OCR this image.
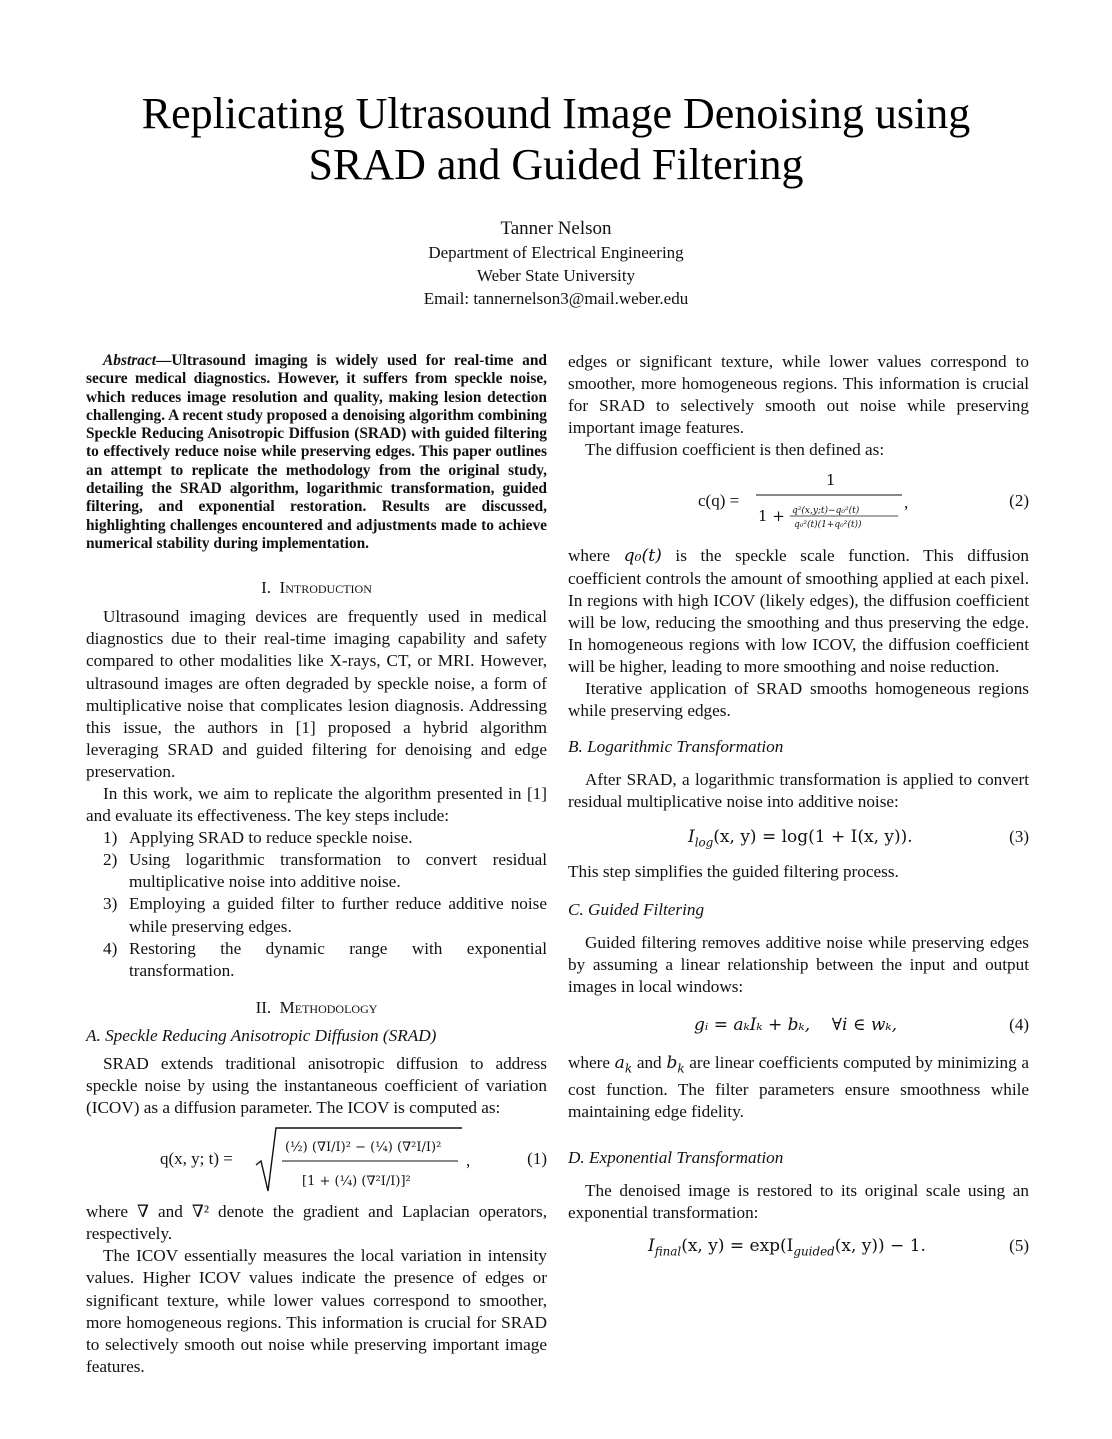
Replicating Ultrasound Image Denoising using
SRAD and Guided Filtering
Tanner Nelson
Department of Electrical Engineering
Weber State University
Email: tannernelson3@mail.weber.edu

Abstract—Ultrasound imaging is widely used for real-time and secure medical diagnostics. However, it suffers from speckle noise, which reduces image resolution and quality, making lesion detection challenging. A recent study proposed a denoising algorithm combining Speckle Reducing Anisotropic Diffusion (SRAD) with guided filtering to effectively reduce noise while preserving edges. This paper outlines an attempt to replicate the methodology from the original study, detailing the SRAD algorithm, logarithmic transformation, guided filtering, and exponential restoration. Results are discussed, highlighting challenges encountered and adjustments made to achieve numerical stability during implementation.

I. Introduction

Ultrasound imaging devices are frequently used in medical diagnostics due to their real-time imaging capability and safety compared to other modalities like X-rays, CT, or MRI. However, ultrasound images are often degraded by speckle noise, a form of multiplicative noise that complicates lesion diagnosis. Addressing this issue, the authors in [1] proposed a hybrid algorithm leveraging SRAD and guided filtering for denoising and edge preservation.

In this work, we aim to replicate the algorithm presented in [1] and evaluate its effectiveness. The key steps include:

1) Applying SRAD to reduce speckle noise.
2) Using logarithmic transformation to convert residual multiplicative noise into additive noise.
3) Employing a guided filter to further reduce additive noise while preserving edges.
4) Restoring the dynamic range with exponential transformation.

II. Methodology

A. Speckle Reducing Anisotropic Diffusion (SRAD)

SRAD extends traditional anisotropic diffusion to address speckle noise by using the instantaneous coefficient of variation (ICOV) as a diffusion parameter. The ICOV is computed as:

q(x, y; t) =
(½) (∇I/I)² − (¼) (∇²I/I)²
[1 + (¼) (∇²I/I)]²
,	(1)

where ∇ and ∇² denote the gradient and Laplacian operators, respectively.

The ICOV essentially measures the local variation in intensity values. Higher ICOV values indicate the presence of edges or significant texture, while lower values correspond to smoother, more homogeneous regions. This information is crucial for SRAD to selectively smooth out noise while preserving important image features.

edges or significant texture, while lower values correspond to smoother, more homogeneous regions. This information is crucial for SRAD to selectively smooth out noise while preserving important image features.

The diffusion coefficient is then defined as:

c(q) =
1
1 + q²(x,y;t)−q₀²(t)
q₀²(t)(1+q₀²(t))
,	(2)

where q₀(t) is the speckle scale function. This diffusion coefficient controls the amount of smoothing applied at each pixel. In regions with high ICOV (likely edges), the diffusion coefficient will be low, reducing the smoothing and thus preserving the edge. In homogeneous regions with low ICOV, the diffusion coefficient will be higher, leading to more smoothing and noise reduction.

Iterative application of SRAD smooths homogeneous regions while preserving edges.

B. Logarithmic Transformation

After SRAD, a logarithmic transformation is applied to convert residual multiplicative noise into additive noise:

$I_{log}(x$, y) = log(1 + I(x, y)).	(3)

This step simplifies the guided filtering process.

C. Guided Filtering

Guided filtering removes additive noise while preserving edges by assuming a linear relationship between the input and output images in local windows:

gᵢ = aₖIₖ + bₖ,    ∀i ∈ wₖ,	(4)

where $a_k$ and $b_k$ are linear coefficients computed by minimizing a cost function. The filter parameters ensure smoothness while maintaining edge fidelity.

D. Exponential Transformation

The denoised image is restored to its original scale using an exponential transformation:

$I_{final}(x$, $y) = \exp(I_{guided}(x$, y)) − 1.	(5)
